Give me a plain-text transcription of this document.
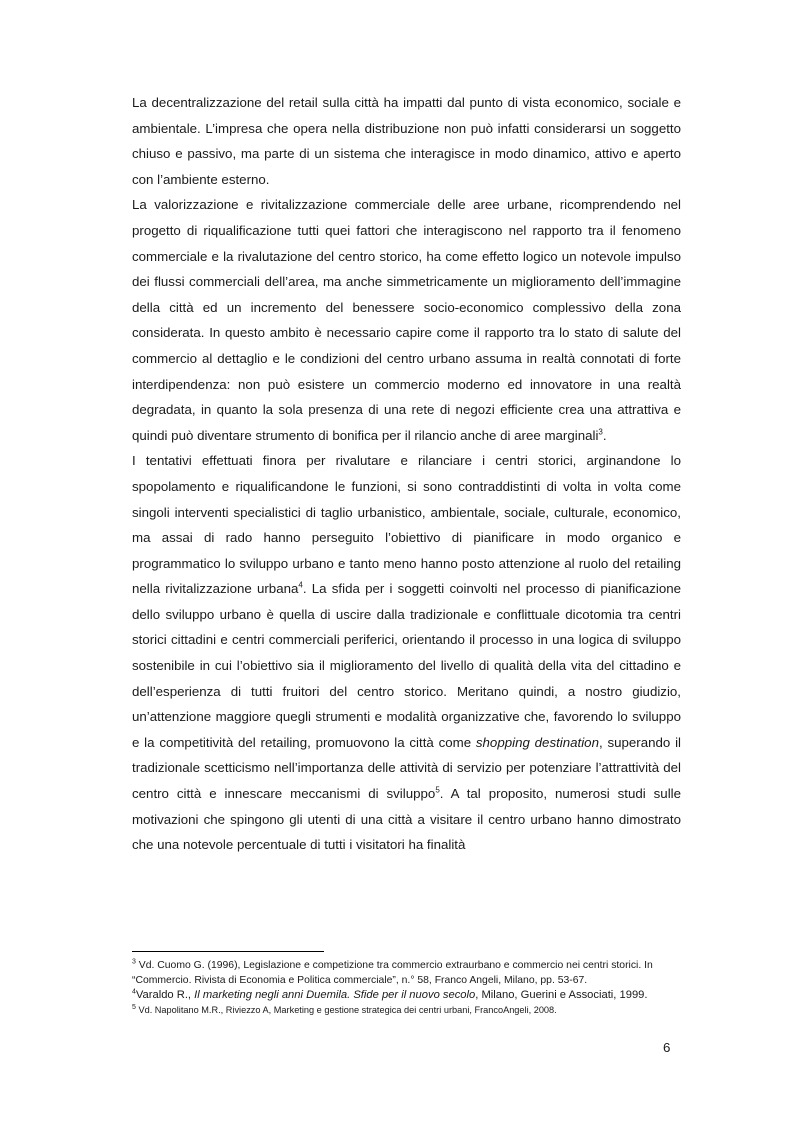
La decentralizzazione del retail sulla città ha impatti dal punto di vista economico, sociale e ambientale. L’impresa che opera nella distribuzione non può infatti considerarsi un soggetto chiuso e passivo, ma parte di un sistema che interagisce in modo dinamico, attivo e aperto con l’ambiente esterno.

La valorizzazione e rivitalizzazione commerciale delle aree urbane, ricomprendendo nel progetto di riqualificazione tutti quei fattori che interagiscono nel rapporto tra il fenomeno commerciale e la rivalutazione del centro storico, ha come effetto logico un notevole impulso dei flussi commerciali dell’area, ma anche simmetricamente un miglioramento dell’immagine della città ed un incremento del benessere socio-economico complessivo della zona considerata. In questo ambito è necessario capire come il rapporto tra lo stato di salute del commercio al dettaglio e le condizioni del centro urbano assuma in realtà connotati di forte interdipendenza: non può esistere un commercio moderno ed innovatore in una realtà degradata, in quanto la sola presenza di una rete di negozi efficiente crea una attrattiva e quindi può diventare strumento di bonifica per il rilancio anche di aree marginali$^3$.

I tentativi effettuati finora per rivalutare e rilanciare i centri storici, arginandone lo spopolamento e riqualificandone le funzioni, si sono contraddistinti di volta in volta come singoli interventi specialistici di taglio urbanistico, ambientale, sociale, culturale, economico, ma assai di rado hanno perseguito l’obiettivo di pianificare in modo organico e programmatico lo sviluppo urbano e tanto meno hanno posto attenzione al ruolo del retailing nella rivitalizzazione urbana$^4$. La sfida per i soggetti coinvolti nel processo di pianificazione dello sviluppo urbano è quella di uscire dalla tradizionale e conflittuale dicotomia tra centri storici cittadini e centri commerciali periferici, orientando il processo in una logica di sviluppo sostenibile in cui l’obiettivo sia il miglioramento del livello di qualità della vita del cittadino e dell’esperienza di tutti fruitori del centro storico. Meritano quindi, a nostro giudizio, un’attenzione maggiore quegli strumenti e modalità organizzative che, favorendo lo sviluppo e la competitività del retailing, promuovono la città come shopping destination, superando il tradizionale scetticismo nell’importanza delle attività di servizio per potenziare l’attrattività del centro città e innescare meccanismi di sviluppo$^5$. A tal proposito, numerosi studi sulle motivazioni che spingono gli utenti di una città a visitare il centro urbano hanno dimostrato che una notevole percentuale di tutti i visitatori ha finalità

$^3$ Vd. Cuomo G. (1996), Legislazione e competizione tra commercio extraurbano e commercio nei centri storici. In “Commercio. Rivista di Economia e Politica commerciale”, n.° 58, Franco Angeli, Milano, pp. 53-67.

$^4$Varaldo R., Il marketing negli anni Duemila. Sfide per il nuovo secolo, Milano, Guerini e Associati, 1999.

$^5$ Vd. Napolitano M.R., Riviezzo A, Marketing e gestione strategica dei centri urbani, FrancoAngeli, 2008.

6
